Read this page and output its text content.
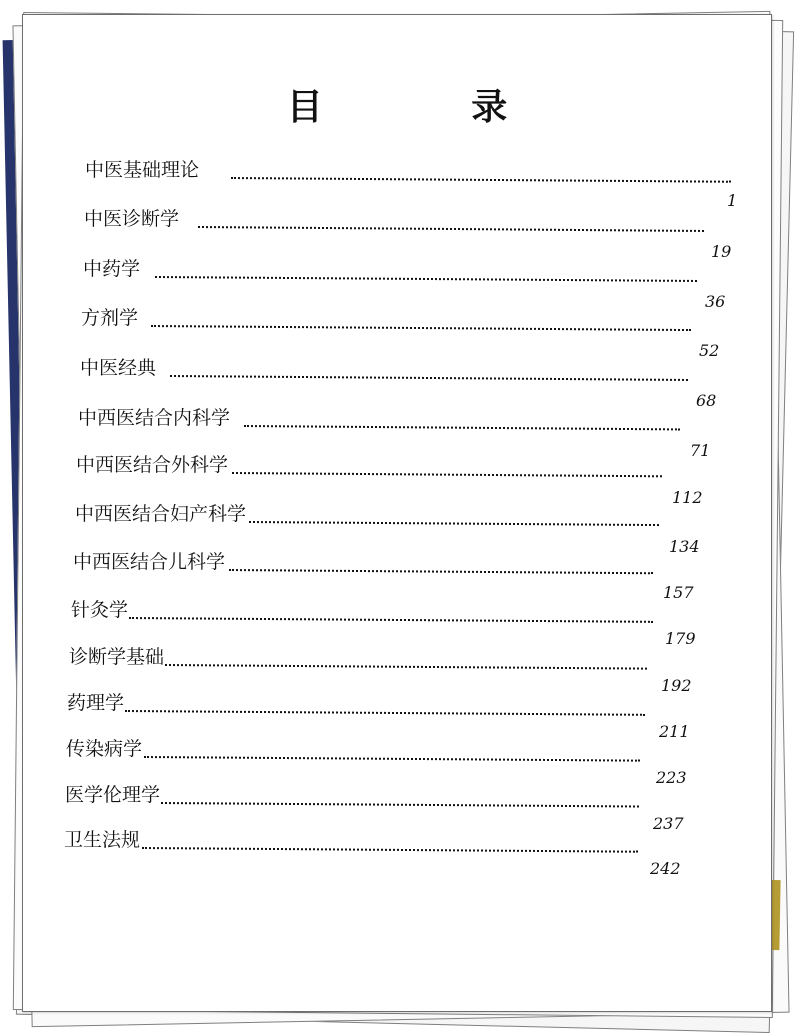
目 录
中医基础理论
1
中医诊断学
19
中药学
36
方剂学
52
中医经典
68
中西医结合内科学
71
中西医结合外科学
112
中西医结合妇产科学
134
中西医结合儿科学
157
针灸学
179
诊断学基础
192
药理学
211
传染病学
223
医学伦理学
237
卫生法规
242
